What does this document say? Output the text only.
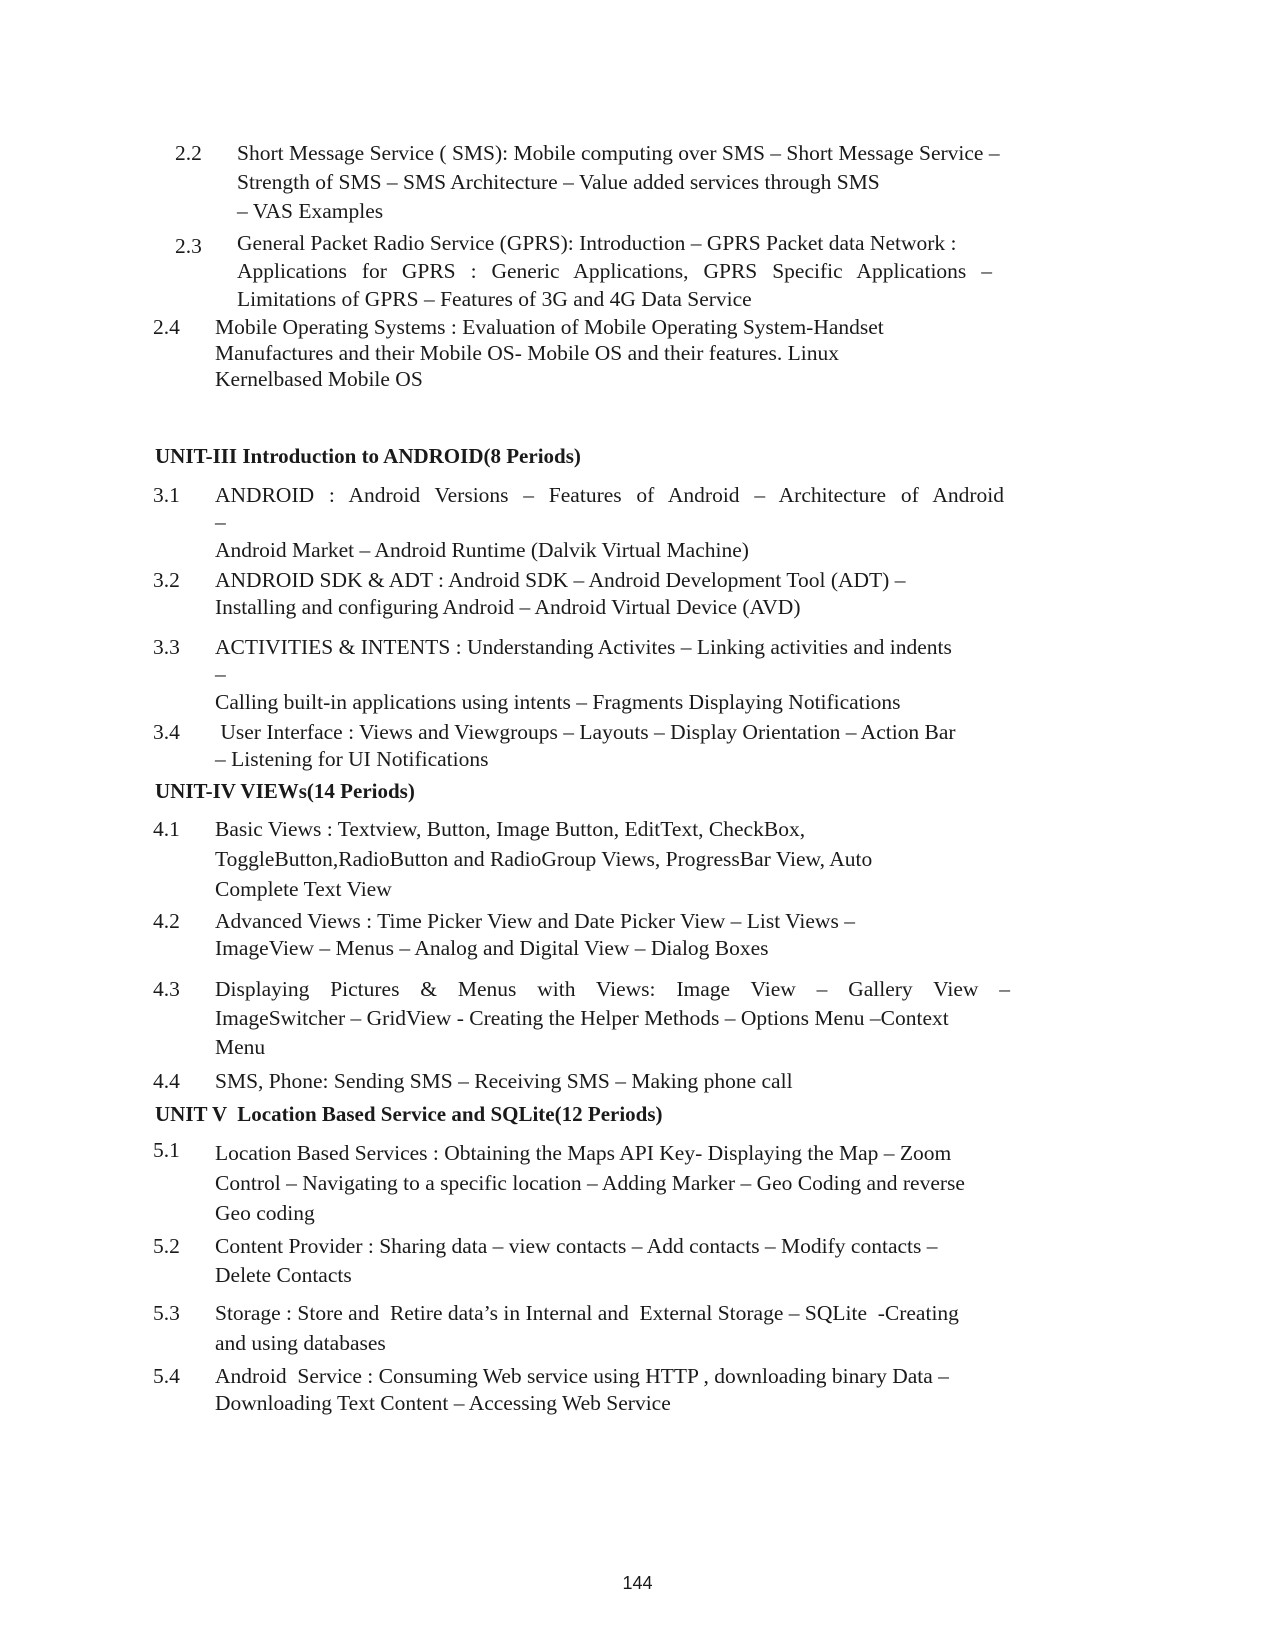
2.2 Short Message Service ( SMS): Mobile computing over SMS – Short Message Service –
Strength of SMS – SMS Architecture – Value added services through SMS
– VAS Examples
2.3 General Packet Radio Service (GPRS): Introduction – GPRS Packet data Network :
Applications for GPRS : Generic Applications, GPRS Specific Applications –
Limitations of GPRS – Features of 3G and 4G Data Service
2.4 Mobile Operating Systems : Evaluation of Mobile Operating System-Handset
Manufactures and their Mobile OS- Mobile OS and their features. Linux
Kernelbased Mobile OS
UNIT-III Introduction to ANDROID(8 Periods)
3.1 ANDROID : Android Versions – Features of Android – Architecture of Android
–
Android Market – Android Runtime (Dalvik Virtual Machine)
3.2 ANDROID SDK & ADT : Android SDK – Android Development Tool (ADT) –
Installing and configuring Android – Android Virtual Device (AVD)
3.3 ACTIVITIES & INTENTS : Understanding Activites – Linking activities and indents
–
Calling built-in applications using intents – Fragments Displaying Notifications
3.4 User Interface : Views and Viewgroups – Layouts – Display Orientation – Action Bar
– Listening for UI Notifications
UNIT-IV VIEWs(14 Periods)
4.1 Basic Views : Textview, Button, Image Button, EditText, CheckBox,
ToggleButton,RadioButton and RadioGroup Views, ProgressBar View, Auto
Complete Text View
4.2 Advanced Views : Time Picker View and Date Picker View – List Views –
ImageView – Menus – Analog and Digital View – Dialog Boxes
4.3 Displaying Pictures & Menus with Views: Image View – Gallery View –
ImageSwitcher – GridView - Creating the Helper Methods – Options Menu –Context
Menu
4.4 SMS, Phone: Sending SMS – Receiving SMS – Making phone call
UNIT V  Location Based Service and SQLite(12 Periods)
5.1 Location Based Services : Obtaining the Maps API Key- Displaying the Map – Zoom
Control – Navigating to a specific location – Adding Marker – Geo Coding and reverse
Geo coding
5.2 Content Provider : Sharing data – view contacts – Add contacts – Modify contacts –
Delete Contacts
5.3 Storage : Store and  Retire data’s in Internal and  External Storage – SQLite  -Creating
and using databases
5.4 Android  Service : Consuming Web service using HTTP , downloading binary Data –
Downloading Text Content – Accessing Web Service
144
